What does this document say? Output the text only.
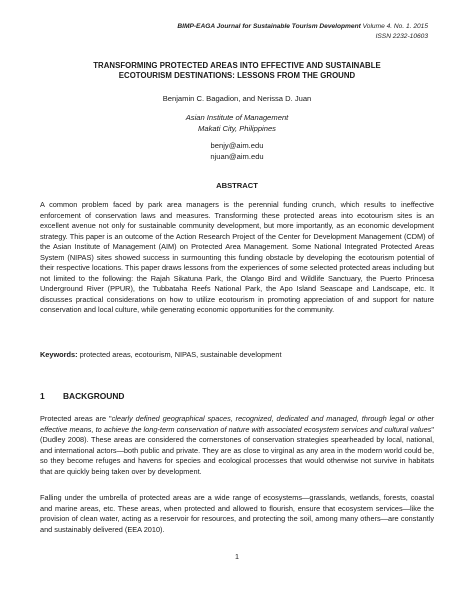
BIMP-EAGA Journal for Sustainable Tourism Development Volume 4. No. 1. 2015
ISSN 2232-10603
TRANSFORMING PROTECTED AREAS INTO EFFECTIVE AND SUSTAINABLE
ECOTOURISM DESTINATIONS: LESSONS FROM THE GROUND
Benjamin C. Bagadion, and Nerissa D. Juan
Asian Institute of Management
Makati City, Philippines
benjy@aim.edu
njuan@aim.edu
ABSTRACT
A common problem faced by park area managers is the perennial funding crunch, which results to ineffective enforcement of conservation laws and measures. Transforming these protected areas into ecotourism sites is an excellent avenue not only for sustainable community development, but more importantly, as an economic development strategy. This paper is an outcome of the Action Research Project of the Center for Development Management (CDM) of the Asian Institute of Management (AIM) on Protected Area Management. Some National Integrated Protected Areas System (NIPAS) sites showed success in surmounting this funding obstacle by developing the ecotourism potential of their respective locations. This paper draws lessons from the experiences of some selected protected areas including but not limited to the following: the Rajah Sikatuna Park, the Olango Bird and Wildlife Sanctuary, the Puerto Princesa Underground River (PPUR), the Tubbataha Reefs National Park, the Apo Island Seascape and Landscape, etc. It discusses practical considerations on how to utilize ecotourism in promoting appreciation of and support for nature conservation and local culture, while generating economic opportunities for the community.
Keywords: protected areas, ecotourism, NIPAS, sustainable development
1 BACKGROUND
Protected areas are "clearly defined geographical spaces, recognized, dedicated and managed, through legal or other effective means, to achieve the long-term conservation of nature with associated ecosystem services and cultural values" (Dudley 2008). These areas are considered the cornerstones of conservation strategies spearheaded by local, national, and international actors—both public and private. They are as close to virginal as any area in the modern world could be, so they become refuges and havens for species and ecological processes that would otherwise not survive in habitats that are quickly being taken over by development.
Falling under the umbrella of protected areas are a wide range of ecosystems—grasslands, wetlands, forests, coastal and marine areas, etc. These areas, when protected and allowed to flourish, ensure that ecosystem services—like the provision of clean water, acting as a reservoir for resources, and protecting the soil, among many others—are constantly and sustainably delivered (EEA 2010).
1
